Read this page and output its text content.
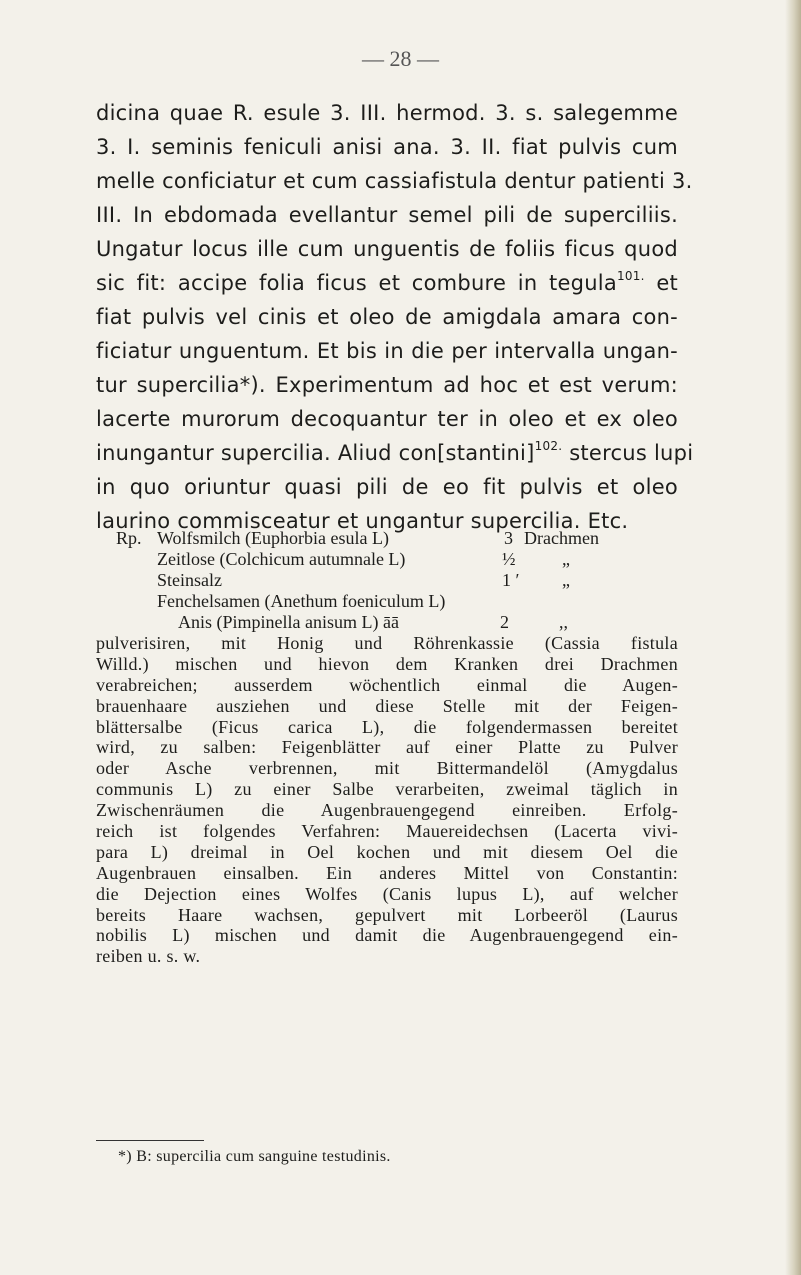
— 28 —
dicina quae R. esule 3. III. hermod. 3. s. salegemme
3. I. seminis feniculi anisi ana. 3. II. fiat pulvis cum
melle conficiatur et cum cassiafistula dentur patienti 3.
III. In ebdomada evellantur semel pili de superciliis.
Ungatur locus ille cum unguentis de foliis ficus quod
sic fit: accipe folia ficus et combure in tegula$^{101.}$ et
fiat pulvis vel cinis et oleo de amigdala amara con-
ficiatur unguentum. Et bis in die per intervalla ungan-
tur supercilia*). Experimentum ad hoc et est verum:
lacerte murorum decoquantur ter in oleo et ex oleo
inungantur supercilia. Aliud con[stantini]$^{102.}$ stercus lupi
in quo oriuntur quasi pili de eo fit pulvis et oleo
laurino commisceatur et ungantur supercilia. Etc.
Rp. Wolfsmilch (Euphorbia esula L)	3 Drachmen
Zeitlose (Colchicum autumnale L)	½	„
Steinsalz	1 ′ „
Fenchelsamen (Anethum foeniculum L)
Anis (Pimpinella anisum L) āā	2	,,
pulverisiren, mit Honig und Röhrenkassie (Cassia fistula
Willd.) mischen und hievon dem Kranken drei Drachmen
verabreichen; ausserdem wöchentlich einmal die Augen-
brauenhaare ausziehen und diese Stelle mit der Feigen-
blättersalbe (Ficus carica L), die folgendermassen bereitet
wird, zu salben: Feigenblätter auf einer Platte zu Pulver
oder Asche verbrennen, mit Bittermandelöl (Amygdalus
communis L) zu einer Salbe verarbeiten, zweimal täglich in
Zwischenräumen die Augenbrauengegend einreiben. Erfolg-
reich ist folgendes Verfahren: Mauereidechsen (Lacerta vivi-
para L) dreimal in Oel kochen und mit diesem Oel die
Augenbrauen einsalben. Ein anderes Mittel von Constantin:
die Dejection eines Wolfes (Canis lupus L), auf welcher
bereits Haare wachsen, gepulvert mit Lorbeeröl (Laurus
nobilis L) mischen und damit die Augenbrauengegend ein-
reiben u. s. w.
*) B: supercilia cum sanguine testudinis.
